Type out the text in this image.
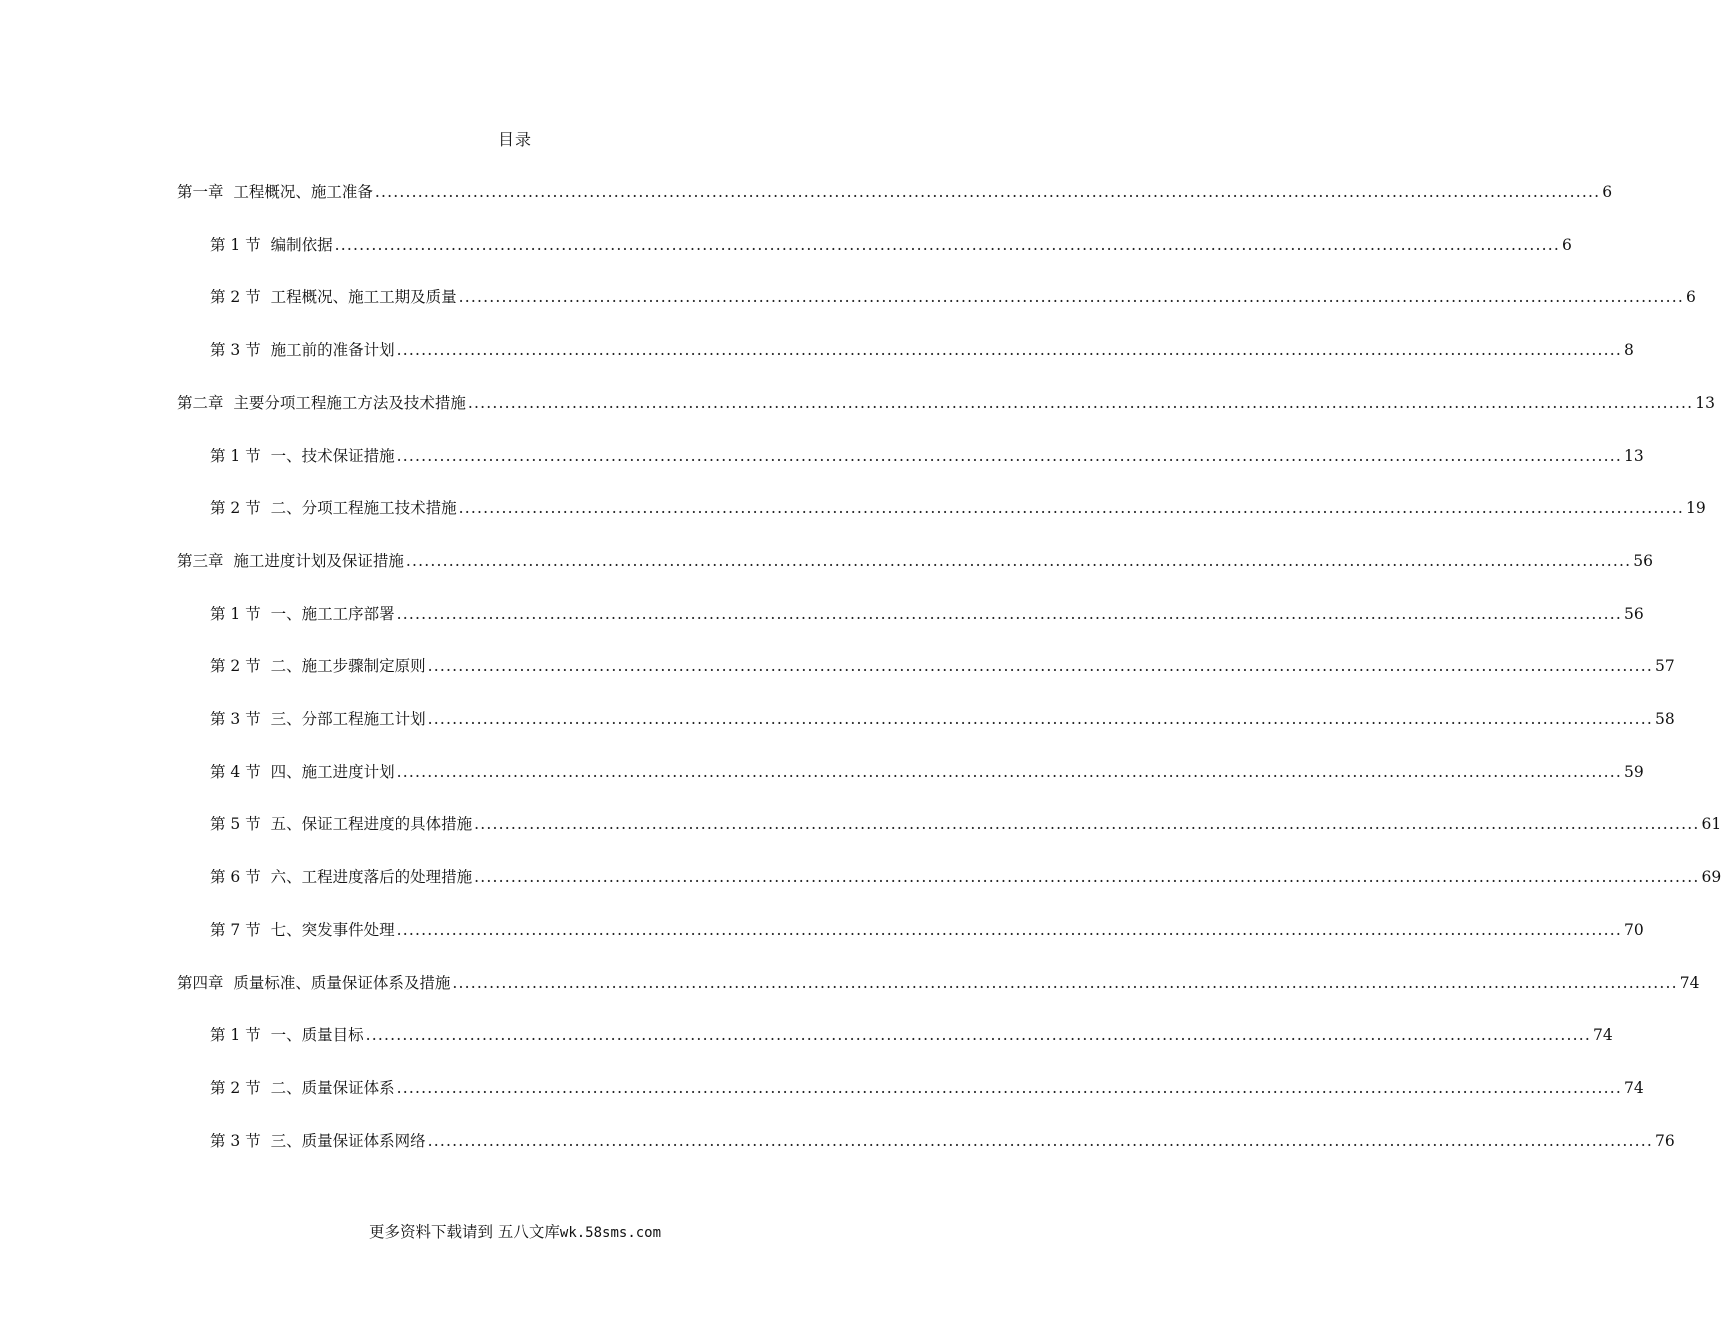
目录
第一章  工程概况、施工准备 ........................................................................................................................................................................................................ 6
第 1 节  编制依据 ........................................................................................................................................................................................................ 6
第 2 节  工程概况、施工工期及质量 ........................................................................................................................................................................................................ 6
第 3 节  施工前的准备计划 ........................................................................................................................................................................................................ 8
第二章  主要分项工程施工方法及技术措施 ........................................................................................................................................................................................................ 13
第 1 节  一、技术保证措施 ........................................................................................................................................................................................................ 13
第 2 节  二、分项工程施工技术措施 ........................................................................................................................................................................................................ 19
第三章  施工进度计划及保证措施 ........................................................................................................................................................................................................ 56
第 1 节  一、施工工序部署 ........................................................................................................................................................................................................ 56
第 2 节  二、施工步骤制定原则 ........................................................................................................................................................................................................ 57
第 3 节  三、分部工程施工计划 ........................................................................................................................................................................................................ 58
第 4 节  四、施工进度计划 ........................................................................................................................................................................................................ 59
第 5 节  五、保证工程进度的具体措施 ........................................................................................................................................................................................................ 61
第 6 节  六、工程进度落后的处理措施 ........................................................................................................................................................................................................ 69
第 7 节  七、突发事件处理 ........................................................................................................................................................................................................ 70
第四章  质量标准、质量保证体系及措施 ........................................................................................................................................................................................................ 74
第 1 节  一、质量目标 ........................................................................................................................................................................................................ 74
第 2 节  二、质量保证体系 ........................................................................................................................................................................................................ 74
第 3 节  三、质量保证体系网络 ........................................................................................................................................................................................................ 76
更多资料下载请到 五八文库wk.58sms.com
